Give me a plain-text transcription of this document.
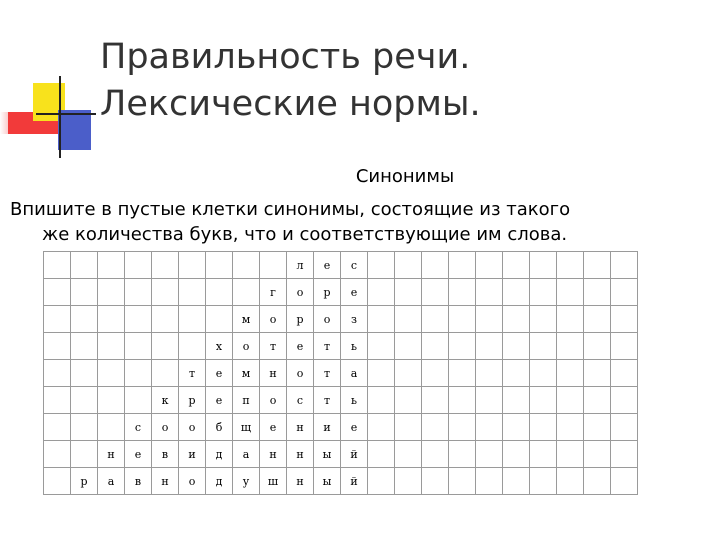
Правильность речи.
Лексические нормы.
Синонимы
Впишите в пустые клетки синонимы, состоящие из такого
же количества букв, что и соответствующие им слова.
									л	е	с										
								г	о	р	е										
							м	о	р	о	з										
						х	о	т	е	т	ь										
					т	е	м	н	о	т	а										
				к	р	е	п	о	с	т	ь										
			с	о	о	б	щ	е	н	и	е										
		н	е	в	и	д	а	н	н	ы	й										
	р	а	в	н	о	д	у	ш	н	ы	й										
